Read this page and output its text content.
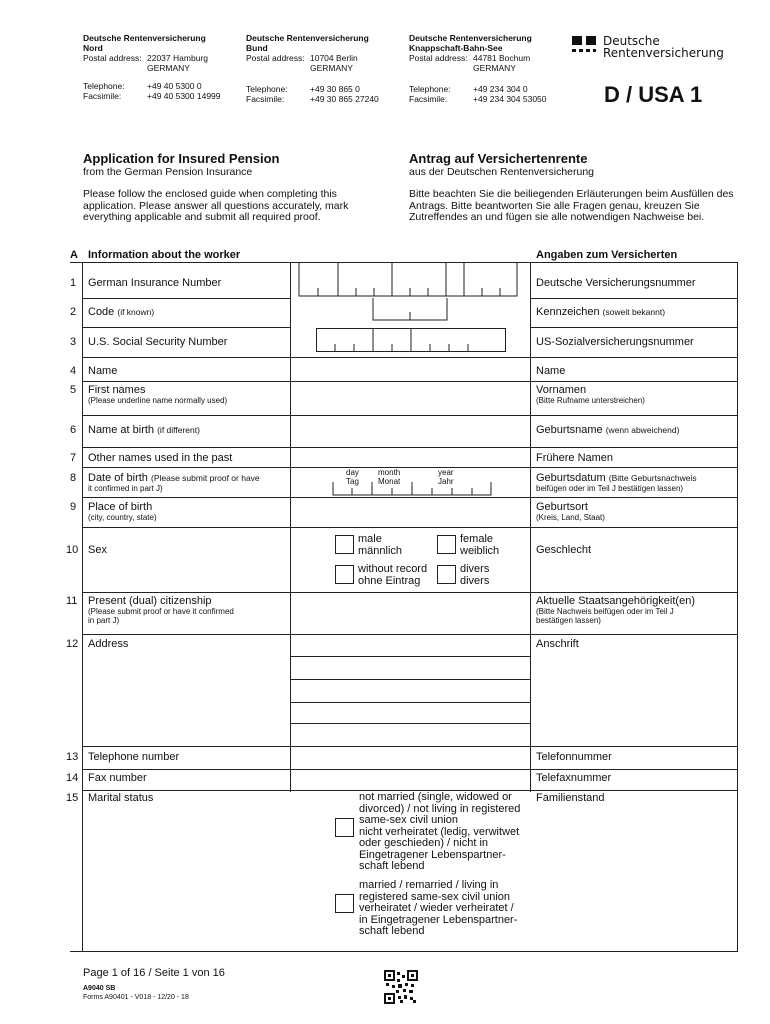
Deutsche Rentenversicherung
Nord
Postal address: 22037 Hamburg
GERMANY
Telephone:	+49 40 5300 0
Facsimile:	+49 40 5300 14999
Deutsche Rentenversicherung
Bund
Postal address: 10704 Berlin
GERMANY
Telephone:	+49 30 865 0
Facsimile:	+49 30 865 27240
Deutsche Rentenversicherung
Knappschaft-Bahn-See
Postal address: 44781 Bochum
GERMANY
Telephone:	+49 234 304 0
Facsimile:	+49 234 304 53050
Deutsche
Rentenversicherung
D / USA 1
Application for Insured Pension
from the German Pension Insurance
Antrag auf Versichertenrente
aus der Deutschen Rentenversicherung
Please follow the enclosed guide when completing this application. Please answer all questions accurately, mark everything applicable and submit all required proof.
Bitte beachten Sie die beiliegenden Erläuterungen beim Ausfüllen des Antrags. Bitte beantworten Sie alle Fragen genau, kreuzen Sie Zutreffendes an und fügen sie alle notwendigen Nachweise bei.
A Information about the worker	Angaben zum Versicherten
day
Tag
month
Monat
year
Jahr
male
männlich
female
weiblich
without record
ohne Eintrag
divers
divers
not married (single, widowed or
divorced) / not living in registered
same-sex civil union
nicht verheiratet (ledig, verwitwet
oder geschieden) / nicht in
Eingetragener Lebenspartner-
schaft lebend
married / remarried / living in
registered same-sex civil union
verheiratet / wieder verheiratet /
in Eingetragener Lebenspartner-
schaft lebend
1 German Insurance Number	Deutsche Versicherungsnummer
2 Code (if known)	Kennzeichen (soweit bekannt)
3 U.S. Social Security Number	US-Sozialversicherungsnummer
4 Name	Name
5 First names
(Please underline name normally used)
Vornamen
(Bitte Rufname unterstreichen)
6 Name at birth (if different)	Geburtsname (wenn abweichend)
7 Other names used in the past	Frühere Namen
8 Date of birth (Please submit proof or have
it confirmed in part J)
Geburtsdatum (Bitte Geburtsnachweis
beifügen oder im Teil J bestätigen lassen)
9 Place of birth
(city, country, state)
Geburtsort
(Kreis, Land, Staat)
10 Sex	Geschlecht
11 Present (dual) citizenship
(Please submit proof or have it confirmed
in part J)
Aktuelle Staatsangehörigkeit(en)
(Bitte Nachweis beifügen oder im Teil J
bestätigen lassen)
12 Address	Anschrift
13 Telephone number	Telefonnummer
14 Fax number	Telefaxnummer
15 Marital status	Familienstand
Page 1 of 16 / Seite 1 von 16
A9040 SB
Forms A90401 - V018 - 12/20 - 18
